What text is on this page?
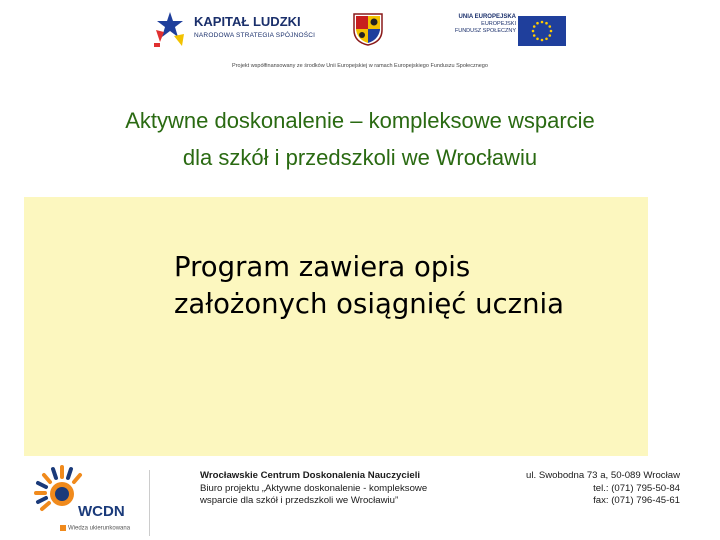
KAPITAŁ LUDZKI
NARODOWA STRATEGIA SPÓJNOŚCI
UNIA EUROPEJSKA
EUROPEJSKI
FUNDUSZ SPOŁECZNY
Projekt współfinansowany ze środków Unii Europejskiej w ramach Europejskiego Funduszu Społecznego
Aktywne doskonalenie – kompleksowe wsparcie
dla szkół i przedszkoli we Wrocławiu
Program zawiera opis
założonych osiągnięć ucznia
WCDN
Wiedza ukierunkowana
Wrocławskie Centrum Doskonalenia Nauczycieli
Biuro projektu „Aktywne doskonalenie - kompleksowe
wsparcie dla szkół i przedszkoli we Wrocławiu”
ul. Swobodna 73 a, 50-089 Wrocław
tel.: (071) 795-50-84
fax: (071) 796-45-61
